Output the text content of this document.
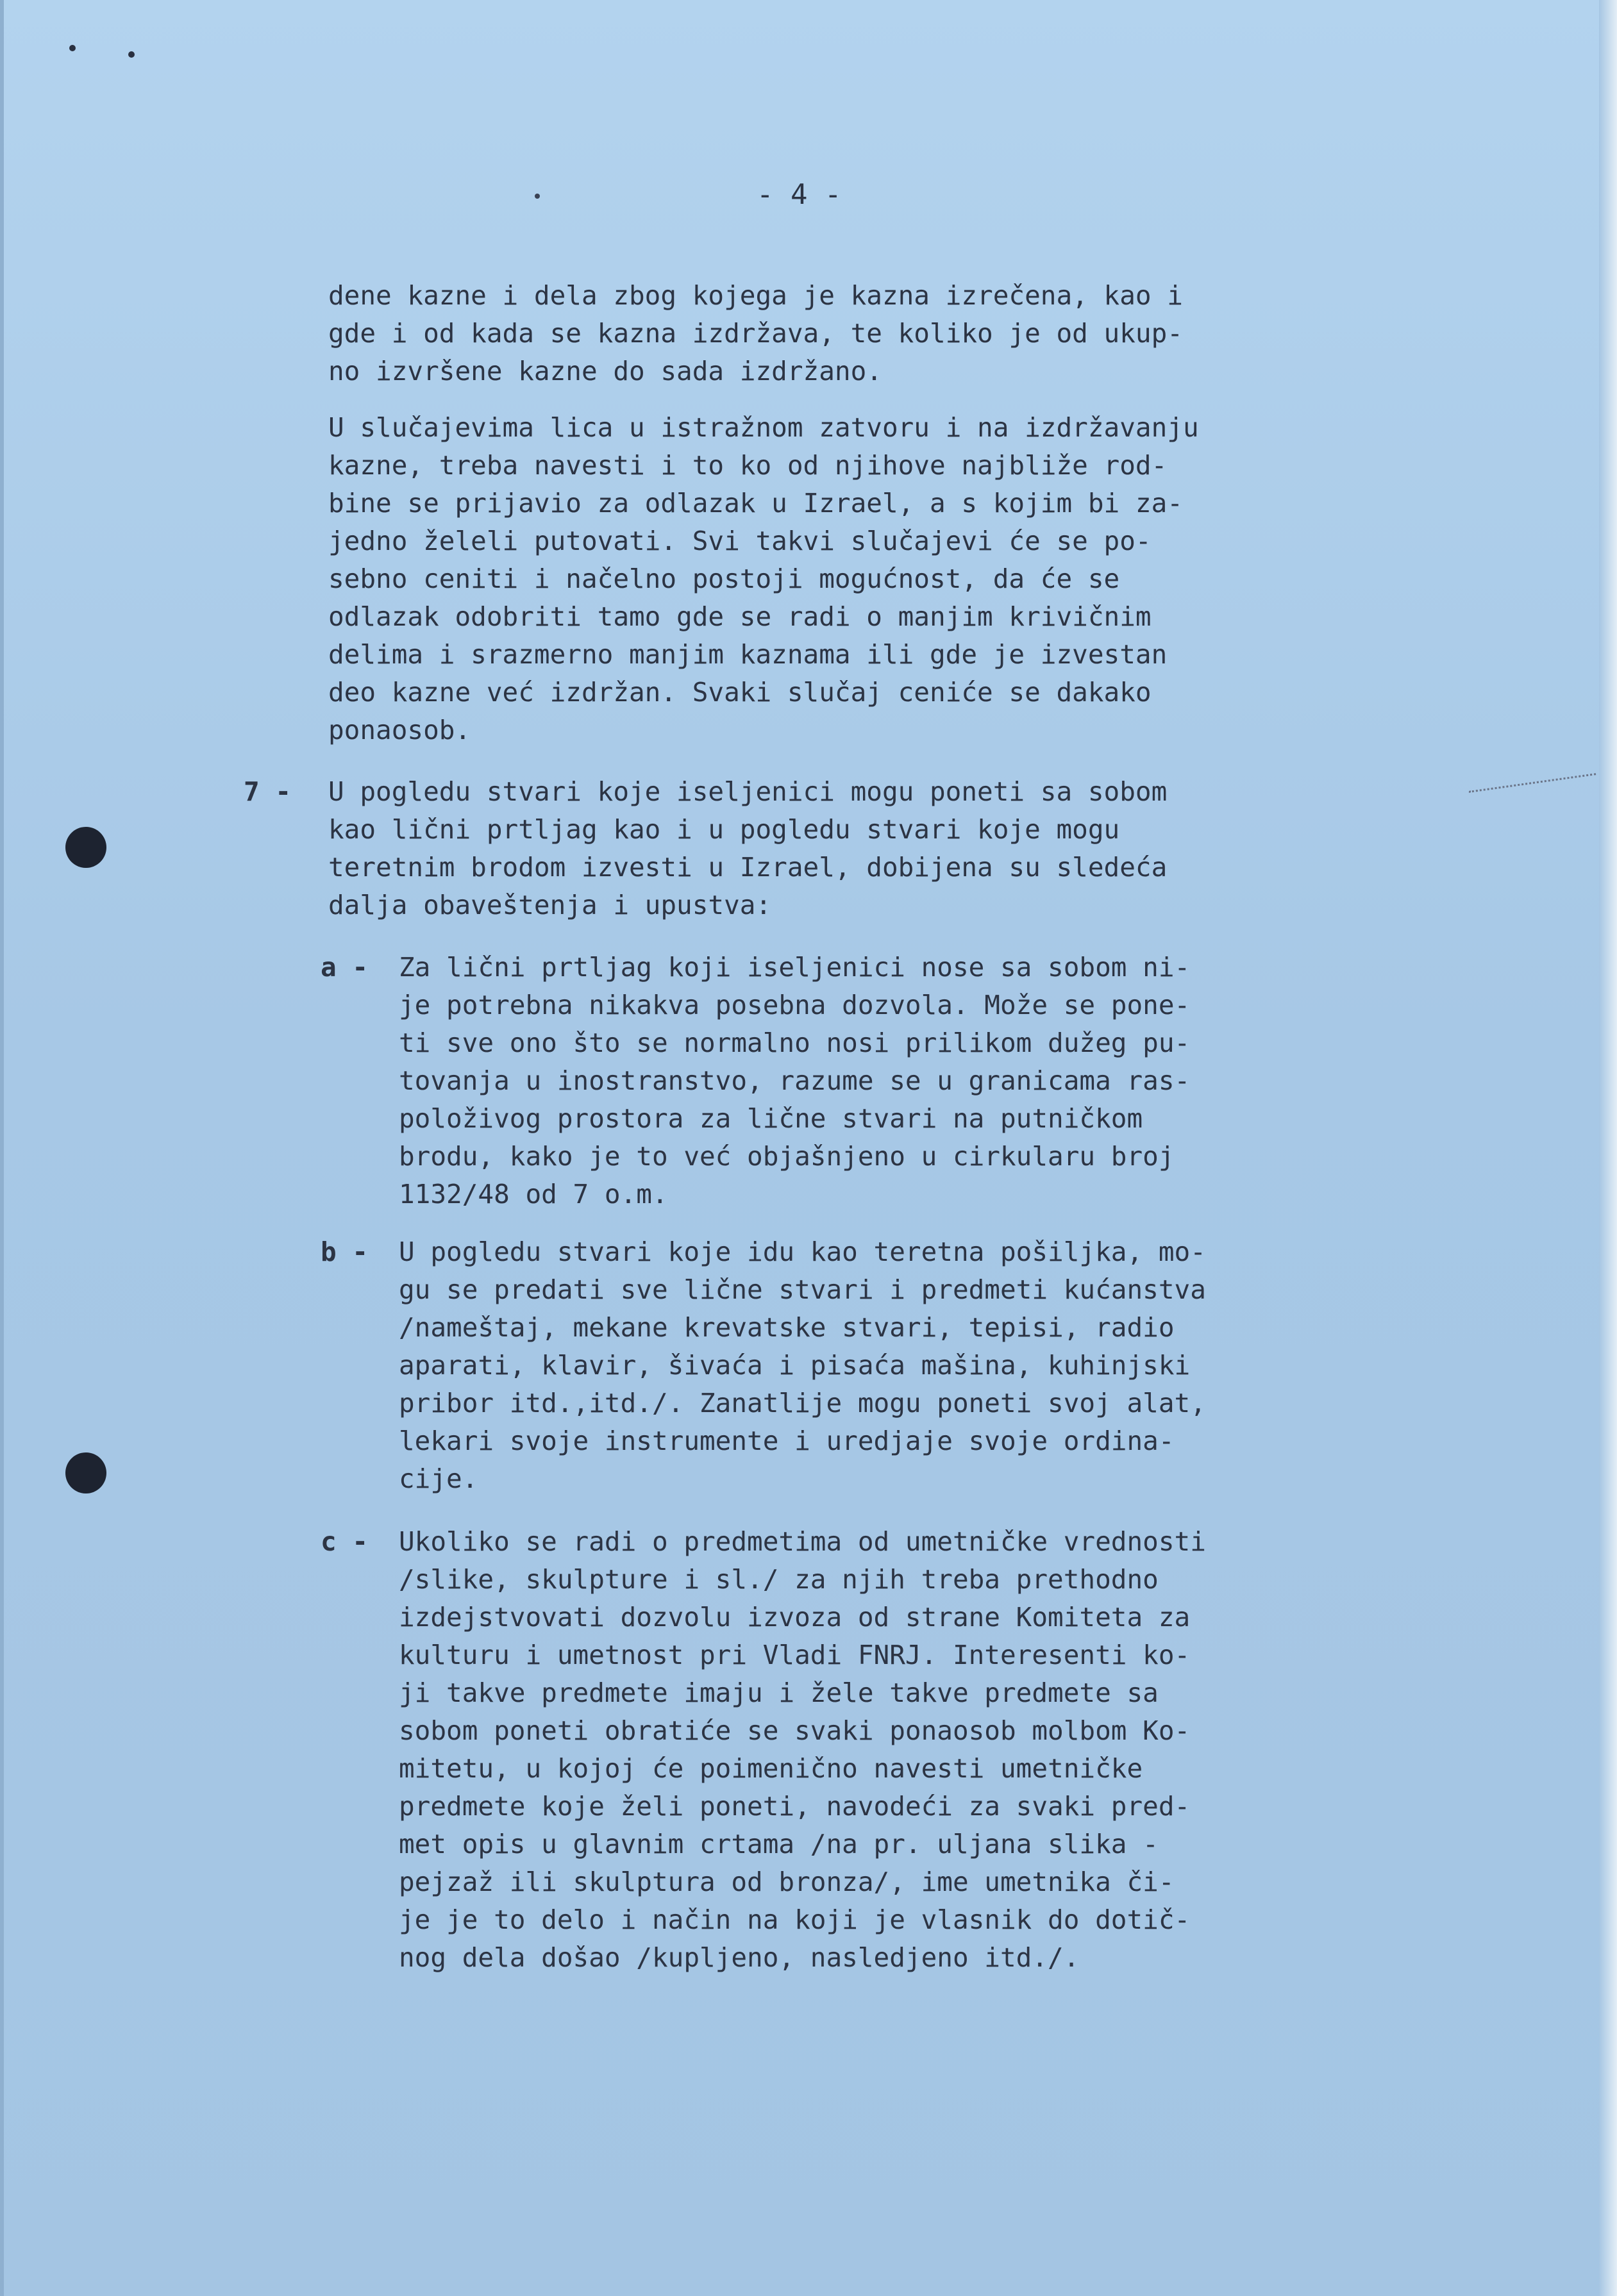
- 4 -
dene kazne i dela zbog kojega je kazna izrečena, kao i
gde i od kada se kazna izdržava, te koliko je od ukup-
no izvršene kazne do sada izdržano.
U slučajevima lica u istražnom zatvoru i na izdržavanju
kazne, treba navesti i to ko od njihove najbliže rod-
bine se prijavio za odlazak u Izrael, a s kojim bi za-
jedno želeli putovati. Svi takvi slučajevi će se po-
sebno ceniti i načelno postoji mogućnost, da će se
odlazak odobriti tamo gde se radi o manjim krivičnim
delima i srazmerno manjim kaznama ili gde je izvestan
deo kazne već izdržan. Svaki slučaj ceniće se dakako
ponaosob.
7 - U pogledu stvari koje iseljenici mogu poneti sa sobom
kao lični prtljag kao i u pogledu stvari koje mogu
teretnim brodom izvesti u Izrael, dobijena su sledeća
dalja obaveštenja i upustva:
a - Za lični prtljag koji iseljenici nose sa sobom ni-
je potrebna nikakva posebna dozvola. Može se pone-
ti sve ono što se normalno nosi prilikom dužeg pu-
tovanja u inostranstvo, razume se u granicama ras-
položivog prostora za lične stvari na putničkom
brodu, kako je to već objašnjeno u cirkularu broj
1132/48 od 7 o.m.
b - U pogledu stvari koje idu kao teretna pošiljka, mo-
gu se predati sve lične stvari i predmeti kućanstva
/nameštaj, mekane krevatske stvari, tepisi, radio
aparati, klavir, šivaća i pisaća mašina, kuhinjski
pribor itd.,itd./. Zanatlije mogu poneti svoj alat,
lekari svoje instrumente i uredjaje svoje ordina-
cije.
c - Ukoliko se radi o predmetima od umetničke vrednosti
/slike, skulpture i sl./ za njih treba prethodno
izdejstvovati dozvolu izvoza od strane Komiteta za
kulturu i umetnost pri Vladi FNRJ. Interesenti ko-
ji takve predmete imaju i žele takve predmete sa
sobom poneti obratiće se svaki ponaosob molbom Ko-
mitetu, u kojoj će poimenično navesti umetničke
predmete koje želi poneti, navodeći za svaki pred-
met opis u glavnim crtama /na pr. uljana slika -
pejzaž ili skulptura od bronza/, ime umetnika či-
je je to delo i način na koji je vlasnik do dotič-
nog dela došao /kupljeno, nasledjeno itd./.
